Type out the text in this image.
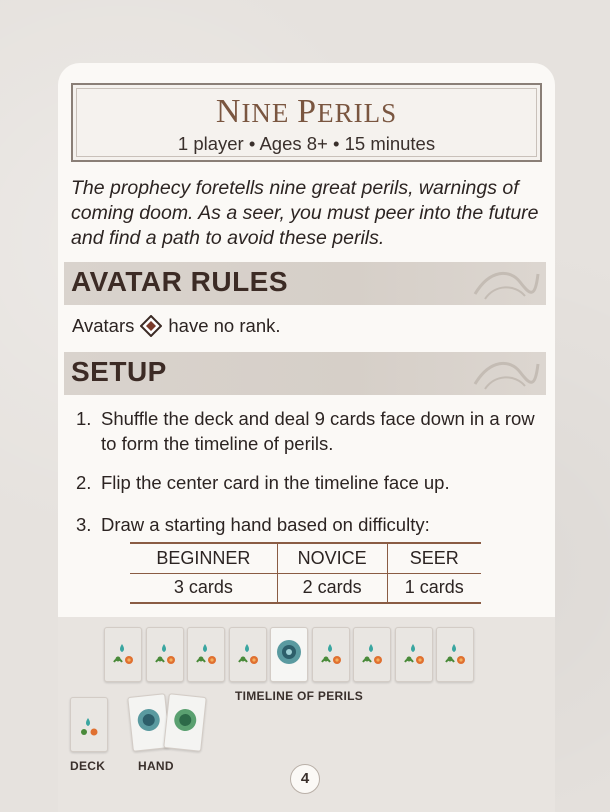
NINE PERILS
1 player • Ages 8+ • 15 minutes
The prophecy foretells nine great perils, warnings of coming doom. As a seer, you must peer into the future and find a path to avoid these perils.
AVATAR RULES
Avatars have no rank.
SETUP
1. Shuffle the deck and deal 9 cards face down in a row to form the timeline of perils.
2. Flip the center card in the timeline face up.
3. Draw a starting hand based on difficulty:
BEGINNER	NOVICE	SEER
3 cards	2 cards	1 cards
TIMELINE OF PERILS
DECK	HAND
4
